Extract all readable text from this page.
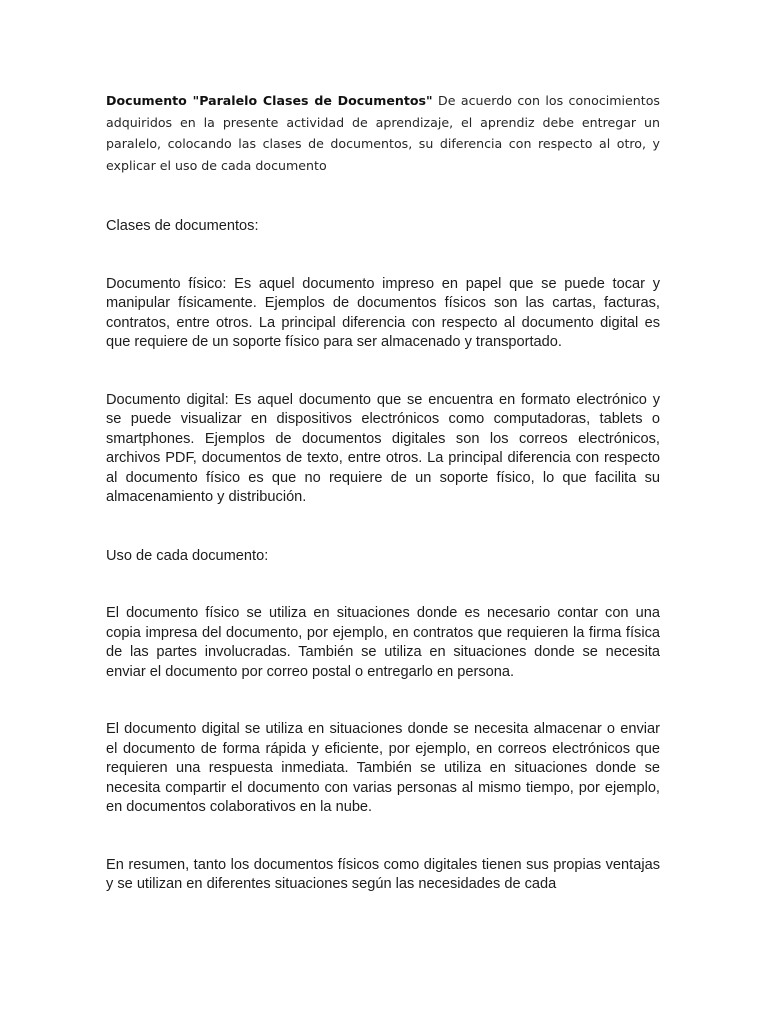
Documento "Paralelo Clases de Documentos" De acuerdo con los conocimientos adquiridos en la presente actividad de aprendizaje, el aprendiz debe entregar un paralelo, colocando las clases de documentos, su diferencia con respecto al otro, y explicar el uso de cada documento

Clases de documentos:

Documento físico: Es aquel documento impreso en papel que se puede tocar y manipular físicamente. Ejemplos de documentos físicos son las cartas, facturas, contratos, entre otros. La principal diferencia con respecto al documento digital es que requiere de un soporte físico para ser almacenado y transportado.

Documento digital: Es aquel documento que se encuentra en formato electrónico y se puede visualizar en dispositivos electrónicos como computadoras, tablets o smartphones. Ejemplos de documentos digitales son los correos electrónicos, archivos PDF, documentos de texto, entre otros. La principal diferencia con respecto al documento físico es que no requiere de un soporte físico, lo que facilita su almacenamiento y distribución.

Uso de cada documento:

El documento físico se utiliza en situaciones donde es necesario contar con una copia impresa del documento, por ejemplo, en contratos que requieren la firma física de las partes involucradas. También se utiliza en situaciones donde se necesita enviar el documento por correo postal o entregarlo en persona.

El documento digital se utiliza en situaciones donde se necesita almacenar o enviar el documento de forma rápida y eficiente, por ejemplo, en correos electrónicos que requieren una respuesta inmediata. También se utiliza en situaciones donde se necesita compartir el documento con varias personas al mismo tiempo, por ejemplo, en documentos colaborativos en la nube.

En resumen, tanto los documentos físicos como digitales tienen sus propias ventajas y se utilizan en diferentes situaciones según las necesidades de cada
